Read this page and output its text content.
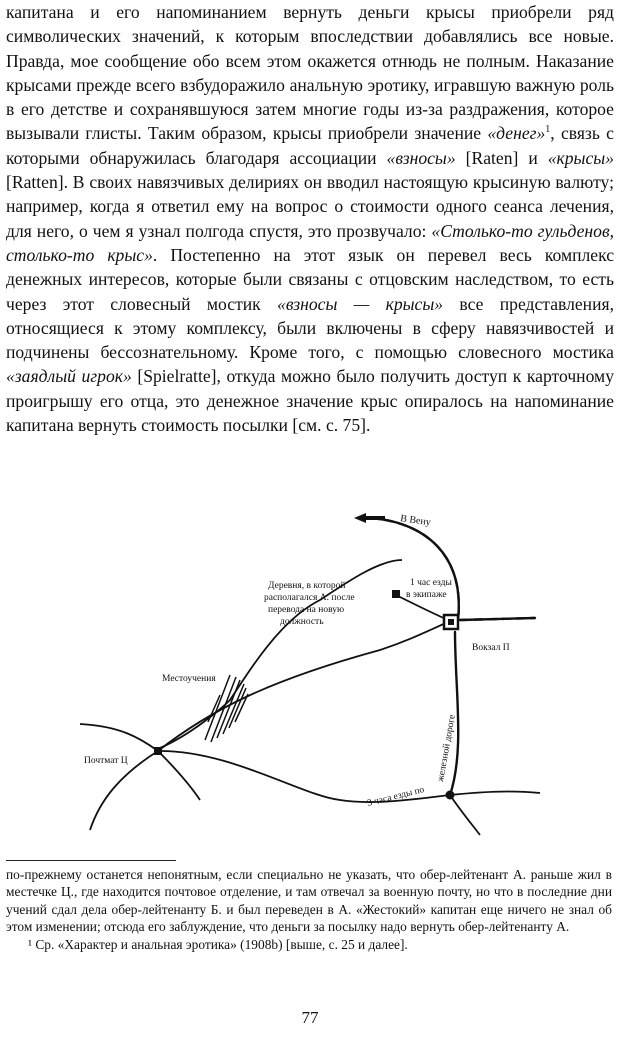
капитана и его напоминанием вернуть деньги крысы приобрели ряд символических значений, к которым впоследствии добавлялись все новые. Правда, мое сообщение обо всем этом окажется отнюдь не полным. Наказание крысами прежде всего взбудоражило анальную эротику, игравшую важную роль в его детстве и сохранявшуюся затем многие годы из-за раздражения, которое вызывали глисты. Таким образом, крысы приобрели значение «денег»$^1$, связь с которыми обнаружилась благодаря ассоциации «взносы» [Raten] и «крысы» [Ratten]. В своих навязчивых делириях он вводил настоящую крысиную валюту; например, когда я ответил ему на вопрос о стоимости одного сеанса лечения, для него, о чем я узнал полгода спустя, это прозвучало: «Столько-то гульденов, столько-то крыс». Постепенно на этот язык он перевел весь комплекс денежных интересов, которые были связаны с отцовским наследством, то есть через этот словесный мостик «взносы — крысы» все представления, относящиеся к этому комплексу, были включены в сферу навязчивостей и подчинены бессознательному. Кроме того, с помощью словесного мостика «заядлый игрок» [Spielratte], откуда можно было получить доступ к карточному проигрышу его отца, это денежное значение крыс опиралось на напоминание капитана вернуть стоимость посылки [см. с. 75].

В Вену
1 час езды
в экипаже
Деревня, в которой
располагался А. после
перевода на новую
должность
Вокзал П
Местоучения
Почтмат Ц
3 часа езды по
железной дороге

по-прежнему останется непонятным, если специально не указать, что обер-лейтенант А. раньше жил в местечке Ц., где находится почтовое отделение, и там отвечал за военную почту, но что в последние дни учений сдал дела обер-лейтенанту Б. и был переведен в А. «Жестокий» капитан еще ничего не знал об этом изменении; отсюда его заблуждение, что деньги за посылку надо вернуть обер-лейтенанту А.

¹ Ср. «Характер и анальная эротика» (1908b) [выше, с. 25 и далее].

77
